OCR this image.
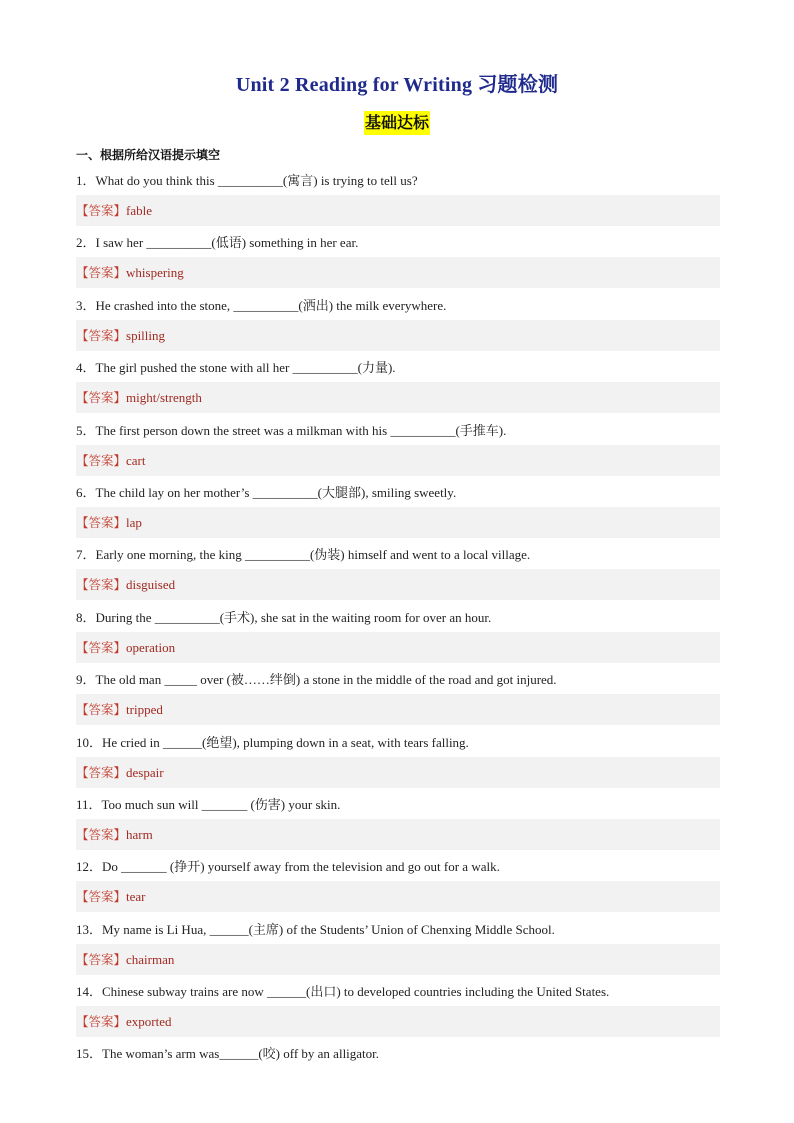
Unit 2 Reading for Writing 习题检测
基础达标
一、根据所给汉语提示填空
1．What do you think this __________(寓言) is trying to tell us?
【答案】fable
2．I saw her __________(低语) something in her ear.
【答案】whispering
3．He crashed into the stone, __________(洒出) the milk everywhere.
【答案】spilling
4．The girl pushed the stone with all her __________(力量).
【答案】might/strength
5．The first person down the street was a milkman with his __________(手推车).
【答案】cart
6．The child lay on her mother’s __________(大腿部), smiling sweetly.
【答案】lap
7．Early one morning, the king __________(伪装) himself and went to a local village.
【答案】disguised
8．During the __________(手术), she sat in the waiting room for over an hour.
【答案】operation
9．The old man _____ over (被……绊倒) a stone in the middle of the road and got injured.
【答案】tripped
10．He cried in ______(绝望), plumping down in a seat, with tears falling.
【答案】despair
11．Too much sun will _______ (伤害) your skin.
【答案】harm
12．Do _______ (挣开) yourself away from the television and go out for a walk.
【答案】tear
13．My name is Li Hua, ______(主席) of the Students’ Union of Chenxing Middle School.
【答案】chairman
14．Chinese subway trains are now ______(出口) to developed countries including the United States.
【答案】exported
15．The woman’s arm was______(咬) off by an alligator.
